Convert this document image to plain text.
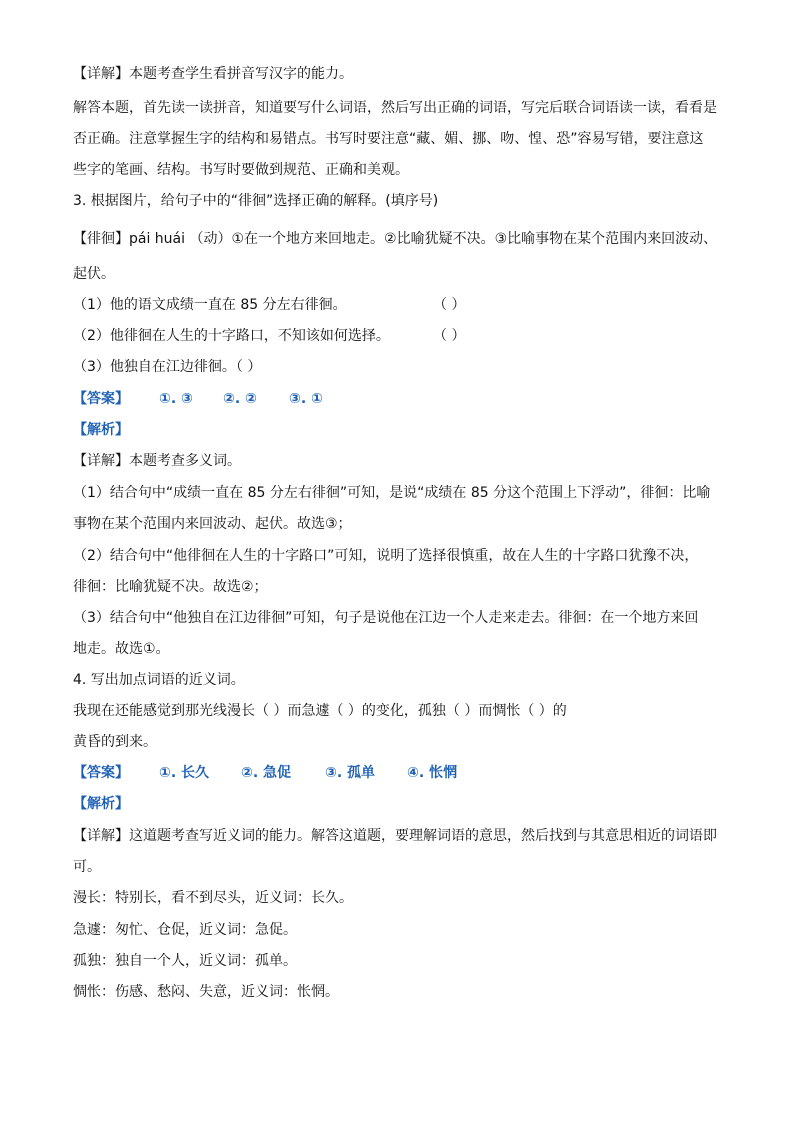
【详解】本题考查学生看拼音写汉字的能力。
解答本题，首先读一读拼音，知道要写什么词语，然后写出正确的词语，写完后联合词语读一读，看看是
否正确。注意掌握生字的结构和易错点。书写时要注意“藏、媚、挪、吻、惶、恐”容易写错，要注意这
些字的笔画、结构。书写时要做到规范、正确和美观。
3. 根据图片，给句子中的“徘徊”选择正确的解释。(填序号)
【徘徊】pái huái （动）①在一个地方来回地走。②比喻犹疑不决。③比喻事物在某个范围内来回波动、
起伏。
（1）他的语文成绩一直在 85 分左右徘徊。	（ ）
（2）他徘徊在人生的十字路口，不知该如何选择。	（ ）
（3）他独自在江边徘徊。（ ）
【答案】 ①. ③ ②. ② ③. ①
【解析】
【详解】本题考查多义词。
（1）结合句中“成绩一直在 85 分左右徘徊”可知，是说“成绩在 85 分这个范围上下浮动”，徘徊：比喻
事物在某个范围内来回波动、起伏。故选③；
（2）结合句中“他徘徊在人生的十字路口”可知，说明了选择很慎重，故在人生的十字路口犹豫不决，
徘徊：比喻犹疑不决。故选②；
（3）结合句中“他独自在江边徘徊”可知，句子是说他在江边一个人走来走去。徘徊：在一个地方来回
地走。故选①。
4. 写出加点词语的近义词。
我现在还能感觉到那光线漫长（ ）而急遽（ ）的变化，孤独（ ）而惆怅（ ）的
黄昏的到来。
【答案】 ①. 长久 ②. 急促 ③. 孤单 ④. 怅惘
【解析】
【详解】这道题考查写近义词的能力。解答这道题，要理解词语的意思，然后找到与其意思相近的词语即
可。
漫长：特别长，看不到尽头，近义词：长久。
急遽：匆忙、仓促，近义词：急促。
孤独：独自一个人，近义词：孤单。
惆怅：伤感、愁闷、失意，近义词：怅惘。
